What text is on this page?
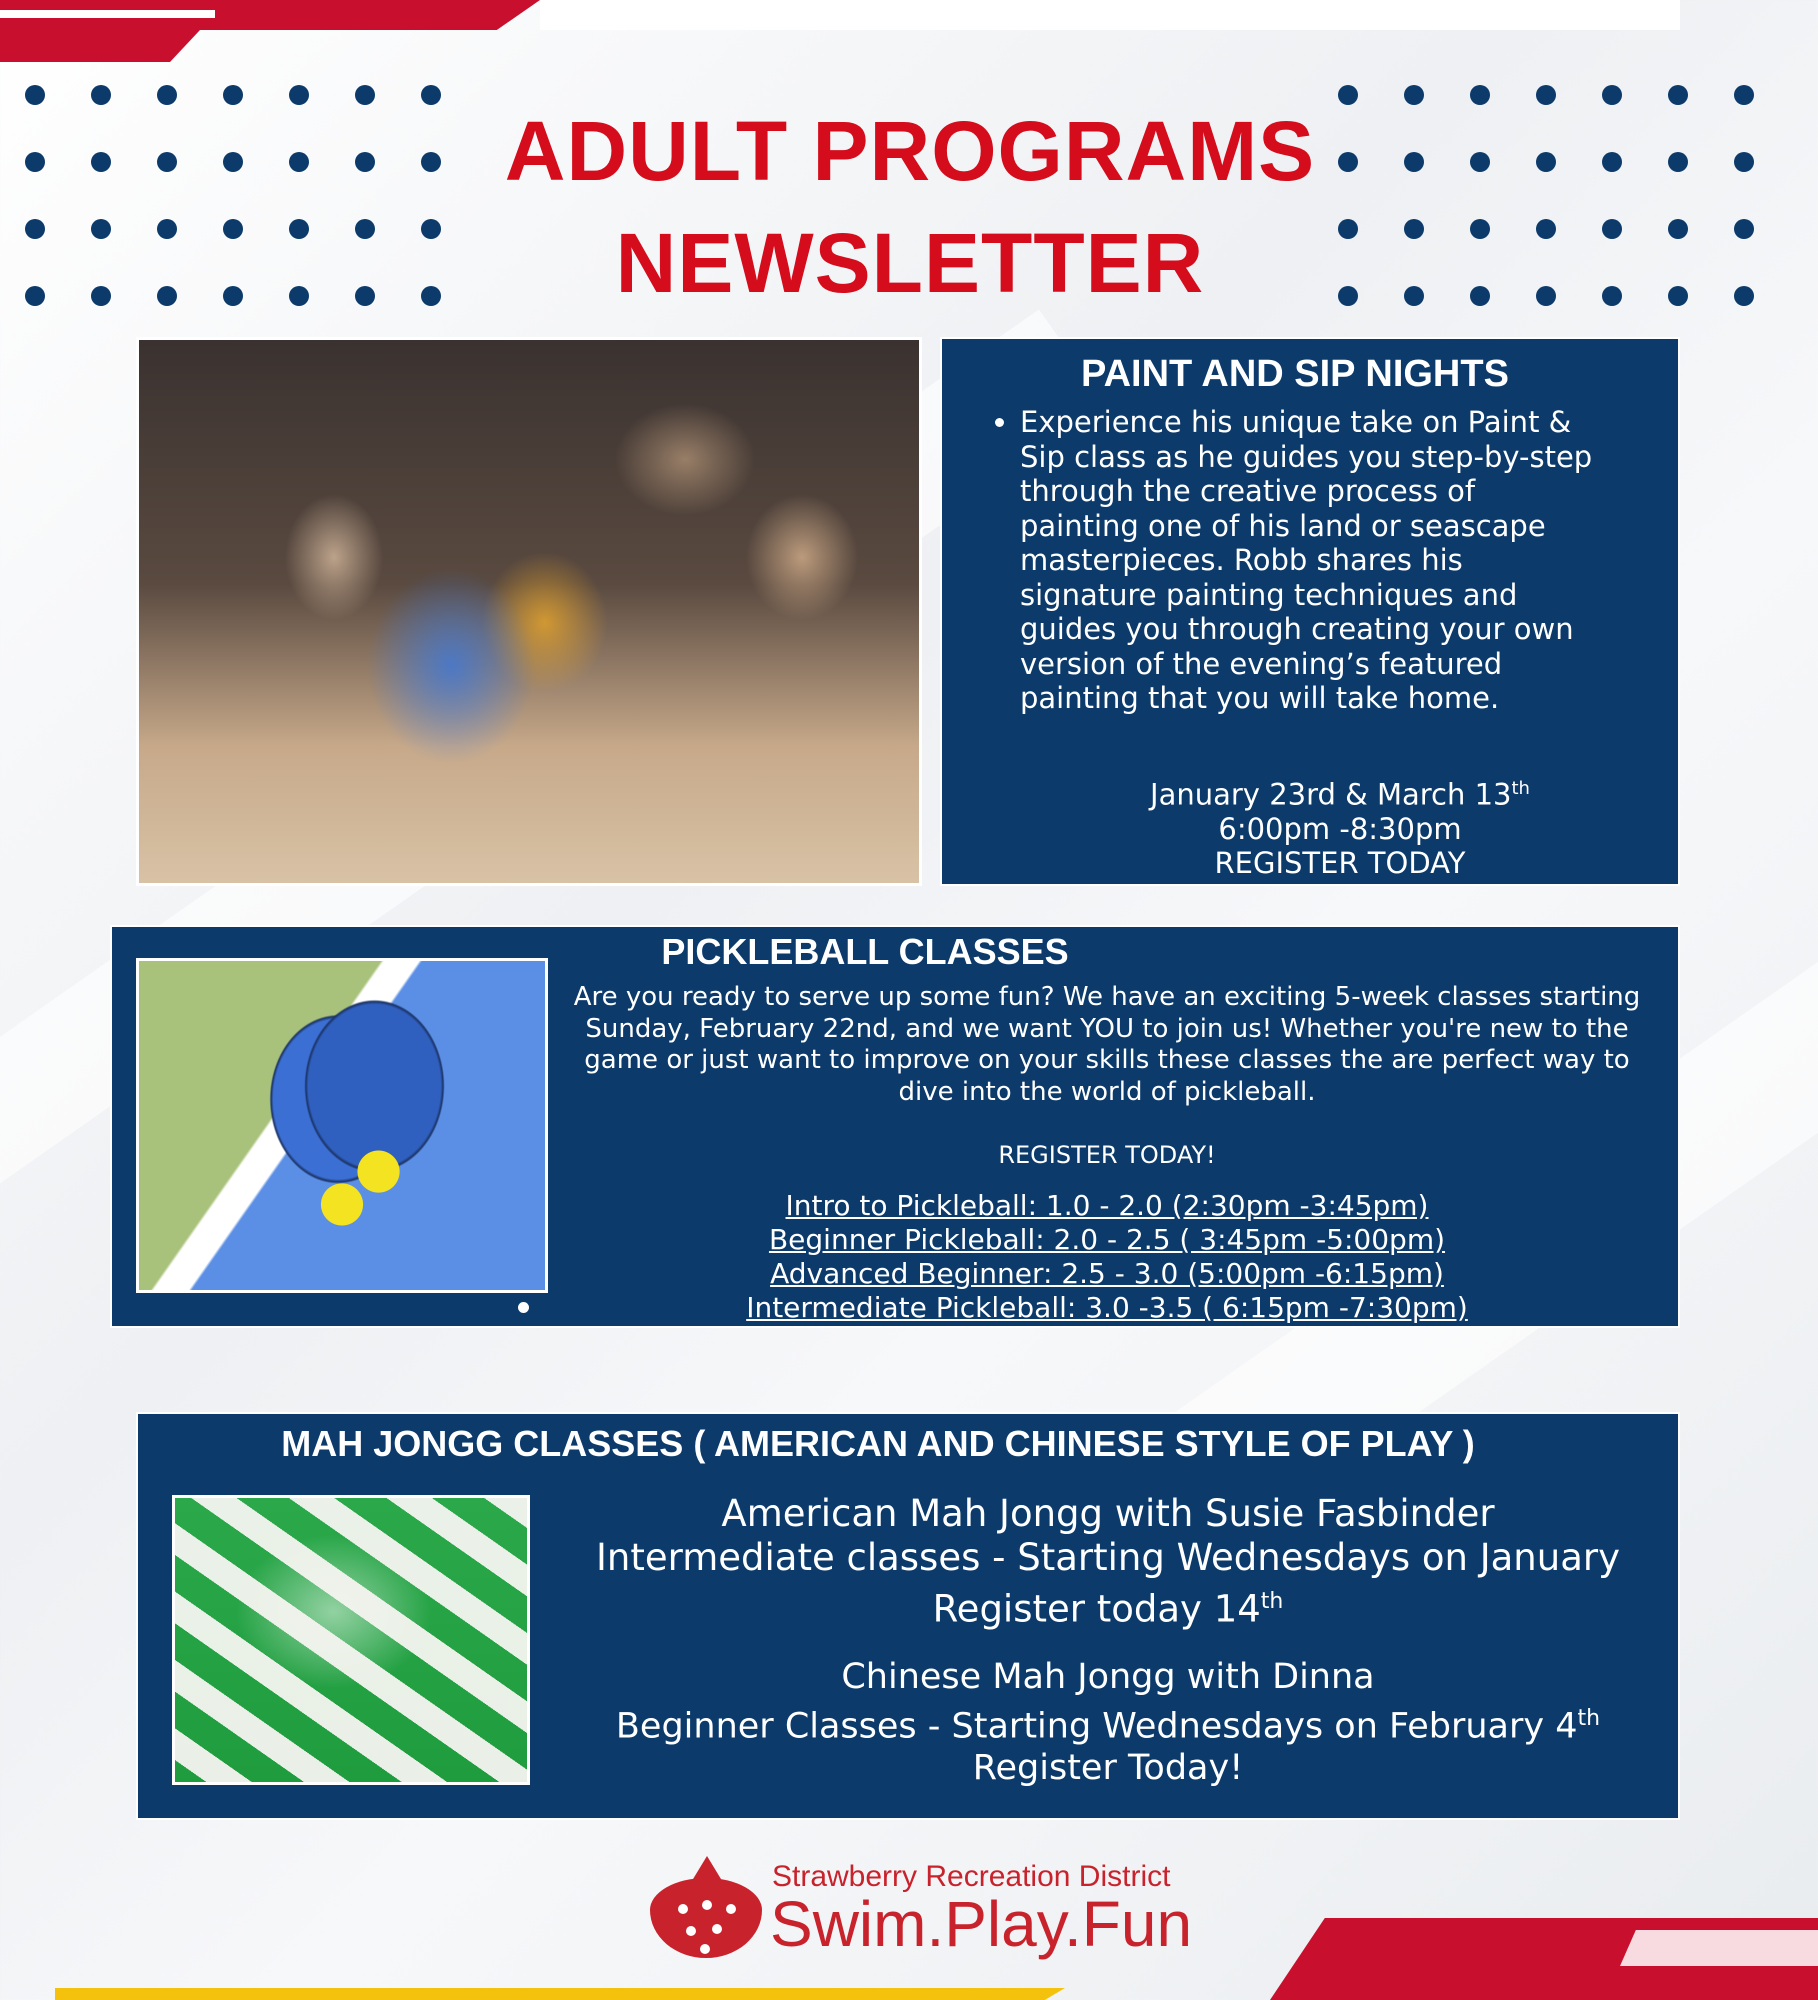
ADULT PROGRAMS
NEWSLETTER
PAINT AND SIP NIGHTS
• Experience his unique take on Paint & Sip class as he guides you step-by-step through the creative process of painting one of his land or seascape masterpieces. Robb shares his signature painting techniques and guides you through creating your own version of the evening’s featured painting that you will take home.
January 23rd & March 13th
6:00pm -8:30pm
REGISTER TODAY
PICKLEBALL CLASSES
Are you ready to serve up some fun? We have an exciting 5-week classes starting Sunday, February 22nd, and we want YOU to join us! Whether you're new to the game or just want to improve on your skills these classes the are perfect way to dive into the world of pickleball.
REGISTER TODAY!
Intro to Pickleball: 1.0 - 2.0 (2:30pm -3:45pm)
Beginner Pickleball: 2.0 - 2.5 ( 3:45pm -5:00pm)
Advanced Beginner: 2.5 - 3.0 (5:00pm -6:15pm)
Intermediate Pickleball: 3.0 -3.5 ( 6:15pm -7:30pm)
MAH JONGG CLASSES ( AMERICAN AND CHINESE STYLE OF PLAY )
American Mah Jongg with Susie Fasbinder
Intermediate classes - Starting Wednesdays on January
Register today 14th
Chinese Mah Jongg with Dinna
Beginner Classes - Starting Wednesdays on February 4th
Register Today!
Strawberry Recreation District
Swim.Play.Fun
